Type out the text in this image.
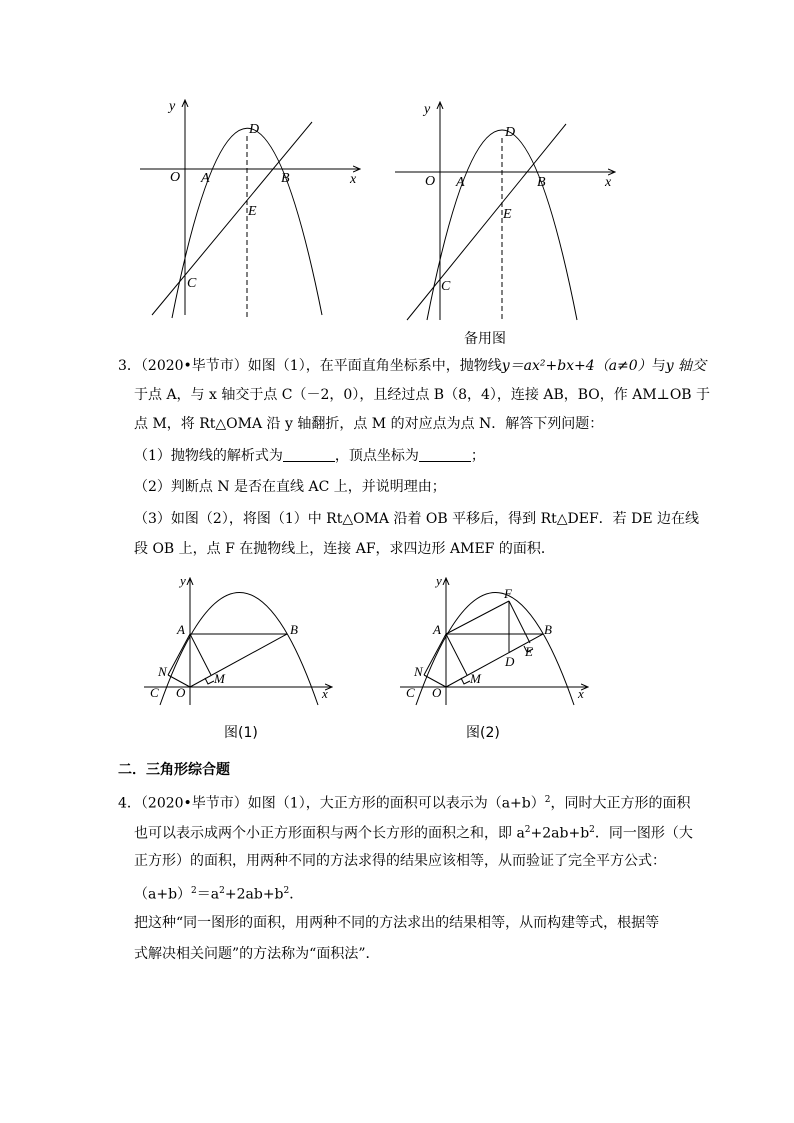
y
x
O A	B
D
E
C
y
x
O A	B
D
E
C
y
x
O
A	B
C
N	M
y
x
O
A	B
C
N	M
F
D
E
备用图
图(1)	图(2)
3．（2020•毕节市）如图（1），在平面直角坐标系中，抛物线y＝ax²+bx+4（a≠0）与y 轴交
于点 A，与 x 轴交于点 C（－2，0），且经过点 B（8，4），连接 AB，BO，作 AM⊥OB 于
点 M，将 Rt△OMA 沿 y 轴翻折，点 M 的对应点为点 N．解答下列问题：
（1）抛物线的解析式为	，顶点坐标为	；
（2）判断点 N 是否在直线 AC 上，并说明理由；
（3）如图（2），将图（1）中 Rt△OMA 沿着 OB 平移后，得到 Rt△DEF．若 DE 边在线
段 OB 上，点 F 在抛物线上，连接 AF，求四边形 AMEF 的面积．
二．三角形综合题
4．（2020•毕节市）如图（1），大正方形的面积可以表示为$(a+b)^2$，同时大正方形的面积
也可以表示成两个小正方形面积与两个长方形的面积之和，即 $a^2+2ab+b^2$．同一图形（大
正方形）的面积，用两种不同的方法求得的结果应该相等，从而验证了完全平方公式：
$(a+b)^2=a^2+2ab+b^2$．
把这种“同一图形的面积，用两种不同的方法求出的结果相等，从而构建等式，根据等
式解决相关问题”的方法称为“面积法”．
